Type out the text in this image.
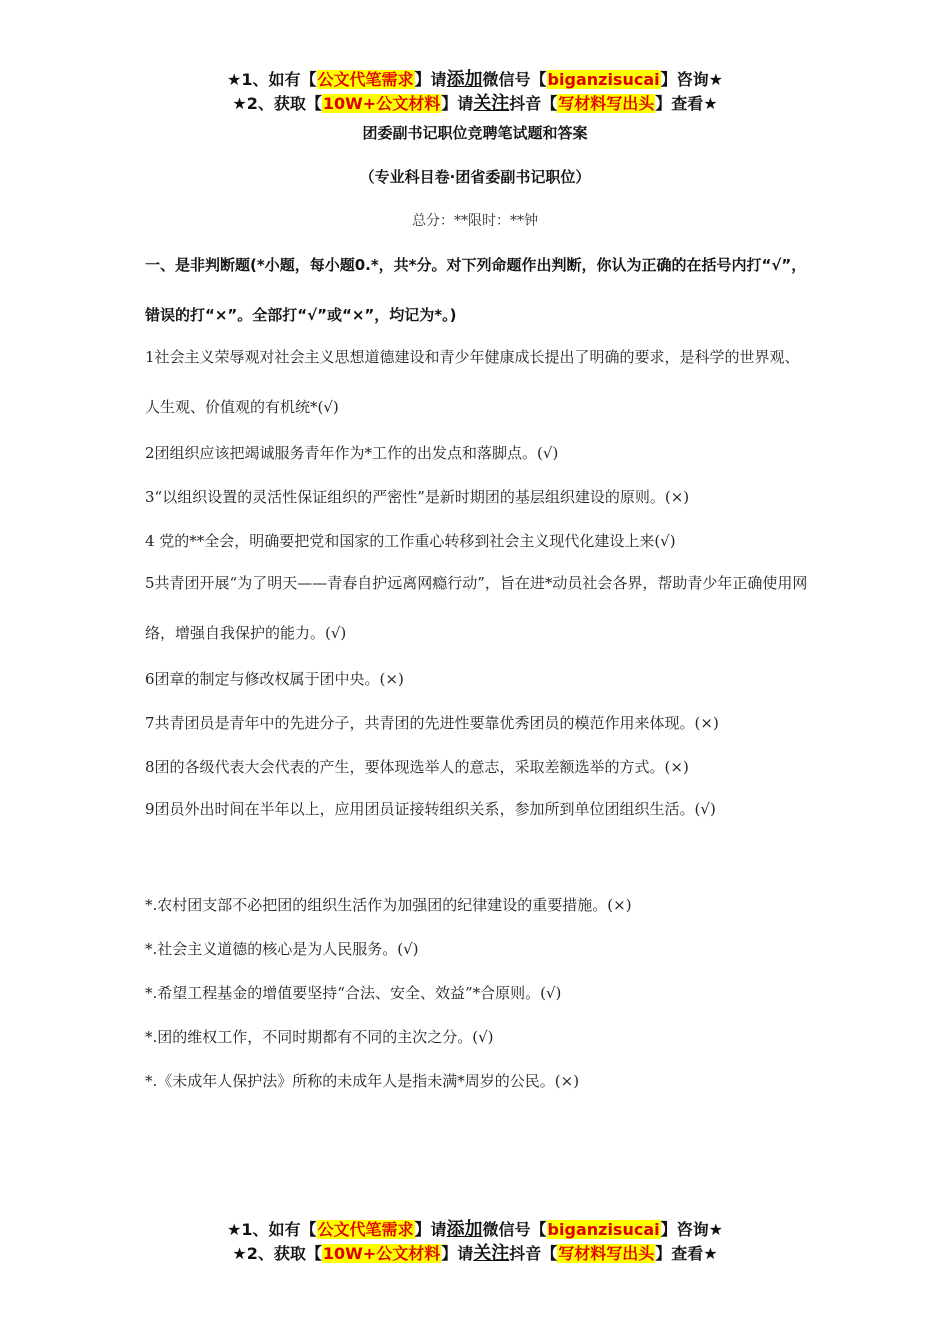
★1、如有【公文代笔需求】请添加微信号【biganzisucai】咨询★
★2、获取【10W+公文材料】请关注抖音【写材料写出头】查看★
团委副书记职位竞聘笔试题和答案
（专业科目卷·团省委副书记职位）
总分：**限时：**钟
一、是非判断题(*小题，每小题0.*，共*分。对下列命题作出判断，你认为正确的在括号内打“√”，错误的打“×”。全部打“√”或“×”，均记为*。)
1社会主义荣辱观对社会主义思想道德建设和青少年健康成长提出了明确的要求，是科学的世界观、人生观、价值观的有机统*(√)
2团组织应该把竭诚服务青年作为*工作的出发点和落脚点。(√)
3“以组织设置的灵活性保证组织的严密性”是新时期团的基层组织建设的原则。(×)
4 党的**全会，明确要把党和国家的工作重心转移到社会主义现代化建设上来(√)
5共青团开展“为了明天——青春自护远离网瘾行动”，旨在进*动员社会各界，帮助青少年正确使用网络，增强自我保护的能力。(√)
6团章的制定与修改权属于团中央。(×)
7共青团员是青年中的先进分子，共青团的先进性要靠优秀团员的模范作用来体现。(×)
8团的各级代表大会代表的产生，要体现选举人的意志，采取差额选举的方式。(×)
9团员外出时间在半年以上，应用团员证接转组织关系，参加所到单位团组织生活。(√)
*.农村团支部不必把团的组织生活作为加强团的纪律建设的重要措施。(×)
*.社会主义道德的核心是为人民服务。(√)
*.希望工程基金的增值要坚持“合法、安全、效益”*合原则。(√)
*.团的维权工作，不同时期都有不同的主次之分。(√)
*.《未成年人保护法》所称的未成年人是指未满*周岁的公民。(×)
★1、如有【公文代笔需求】请添加微信号【biganzisucai】咨询★
★2、获取【10W+公文材料】请关注抖音【写材料写出头】查看★
